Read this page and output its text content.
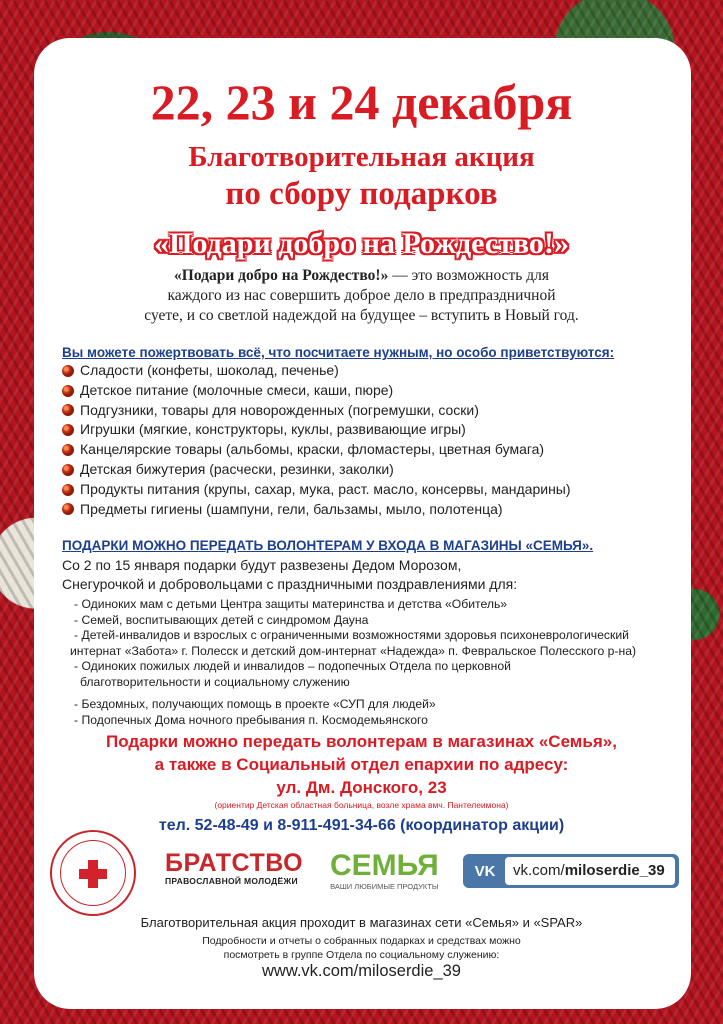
22, 23 и 24 декабря
Благотворительная акция
по сбору подарков
«Подари добро на Рождество!»
«Подари добро на Рождество!» — это возможность для
каждого из нас совершить доброе дело в предпраздничной
суете, и со светлой надеждой на будущее – вступить в Новый год.
Вы можете пожертвовать всё, что посчитаете нужным, но особо приветствуются:
Сладости (конфеты, шоколад, печенье)
Детское питание (молочные смеси, каши, пюре)
Подгузники, товары для новорожденных (погремушки, соски)
Игрушки (мягкие, конструкторы, куклы, развивающие игры)
Канцелярские товары (альбомы, краски, фломастеры, цветная бумага)
Детская бижутерия (расчески, резинки, заколки)
Продукты питания (крупы, сахар, мука, раст. масло, консервы, мандарины)
Предметы гигиены (шампуни, гели, бальзамы, мыло, полотенца)
ПОДАРКИ МОЖНО ПЕРЕДАТЬ ВОЛОНТЕРАМ У ВХОДА В МАГАЗИНЫ «СЕМЬЯ».
Со 2 по 15 января подарки будут развезены Дедом Морозом,
Снегурочкой и добровольцами с праздничными поздравлениями для:
- Одиноких мам с детьми Центра защиты материнства и детства «Обитель»
- Семей, воспитывающих детей с синдромом Дауна
- Детей-инвалидов и взрослых с ограниченными возможностями здоровья психоневрологический
интернат «Забота» г. Полесск и детский дом-интернат «Надежда» п. Февральское Полесского р-на)
- Одиноких пожилых людей и инвалидов – подопечных Отдела по церковной
благотворительности и социальному служению
- Бездомных, получающих помощь в проекте «СУП для людей»
- Подопечных Дома ночного пребывания п. Космодемьянского
Подарки можно передать волонтерам в магазинах «Семья»,
а также в Социальный отдел епархии по адресу:
ул. Дм. Донского, 23
(ориентир Детская областная больница, возле храма вмч. Пантелеимона)
тел. 52-48-49 и 8-911-491-34-66 (координатор акции)
БРАТСТВО
ПРАВОСЛАВНОЙ МОЛОДЁЖИ СЕМЬЯ
ВАШИ ЛЮБИМЫЕ ПРОДУКТЫ
VK	vk.com/miloserdie_39
Благотворительная акция проходит в магазинах сети «Семья» и «SPAR»
Подробности и отчеты о собранных подарках и средствах можно
посмотреть в группе Отдела по социальному служению:
www.vk.com/miloserdie_39
